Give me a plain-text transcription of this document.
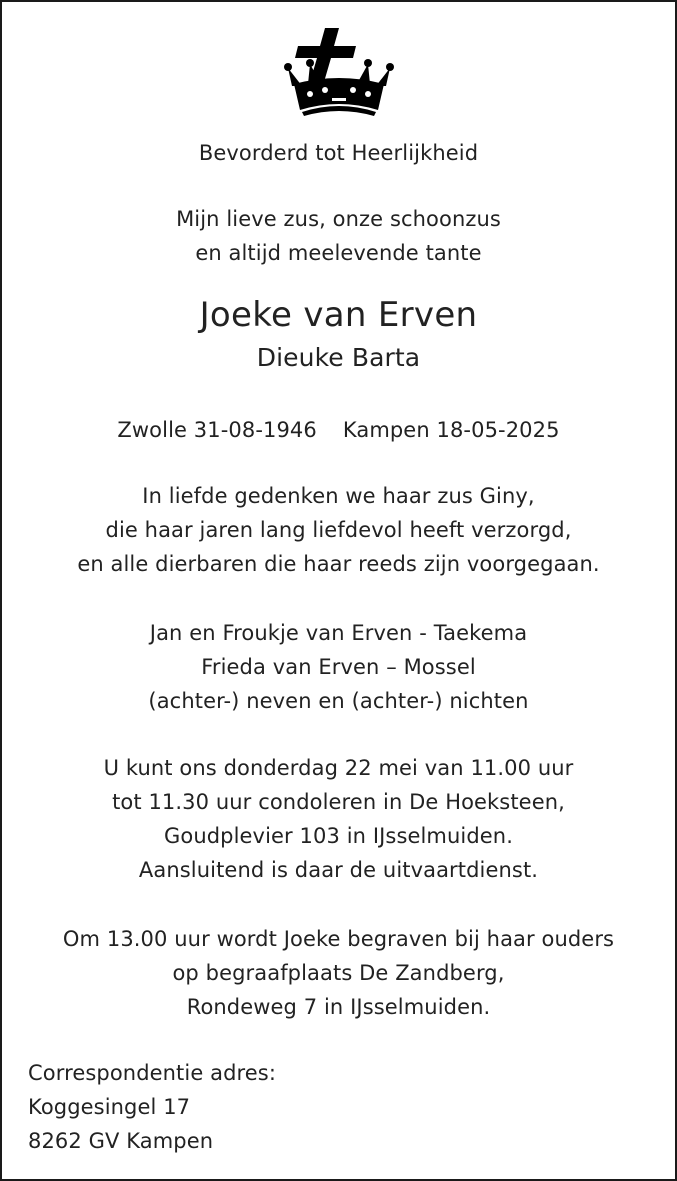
Bevorderd tot Heerlijkheid
Mijn lieve zus, onze schoonzus
en altijd meelevende tante
Joeke van Erven
Dieuke Barta
Zwolle 31-08-1946 Kampen 18-05-2025
In liefde gedenken we haar zus Giny,
die haar jaren lang liefdevol heeft verzorgd,
en alle dierbaren die haar reeds zijn voorgegaan.
Jan en Froukje van Erven - Taekema
Frieda van Erven – Mossel
(achter-) neven en (achter-) nichten
U kunt ons donderdag 22 mei van 11.00 uur
tot 11.30 uur condoleren in De Hoeksteen,
Goudplevier 103 in IJsselmuiden.
Aansluitend is daar de uitvaartdienst.
Om 13.00 uur wordt Joeke begraven bij haar ouders
op begraafplaats De Zandberg,
Rondeweg 7 in IJsselmuiden.
Correspondentie adres:
Koggesingel 17
8262 GV Kampen
